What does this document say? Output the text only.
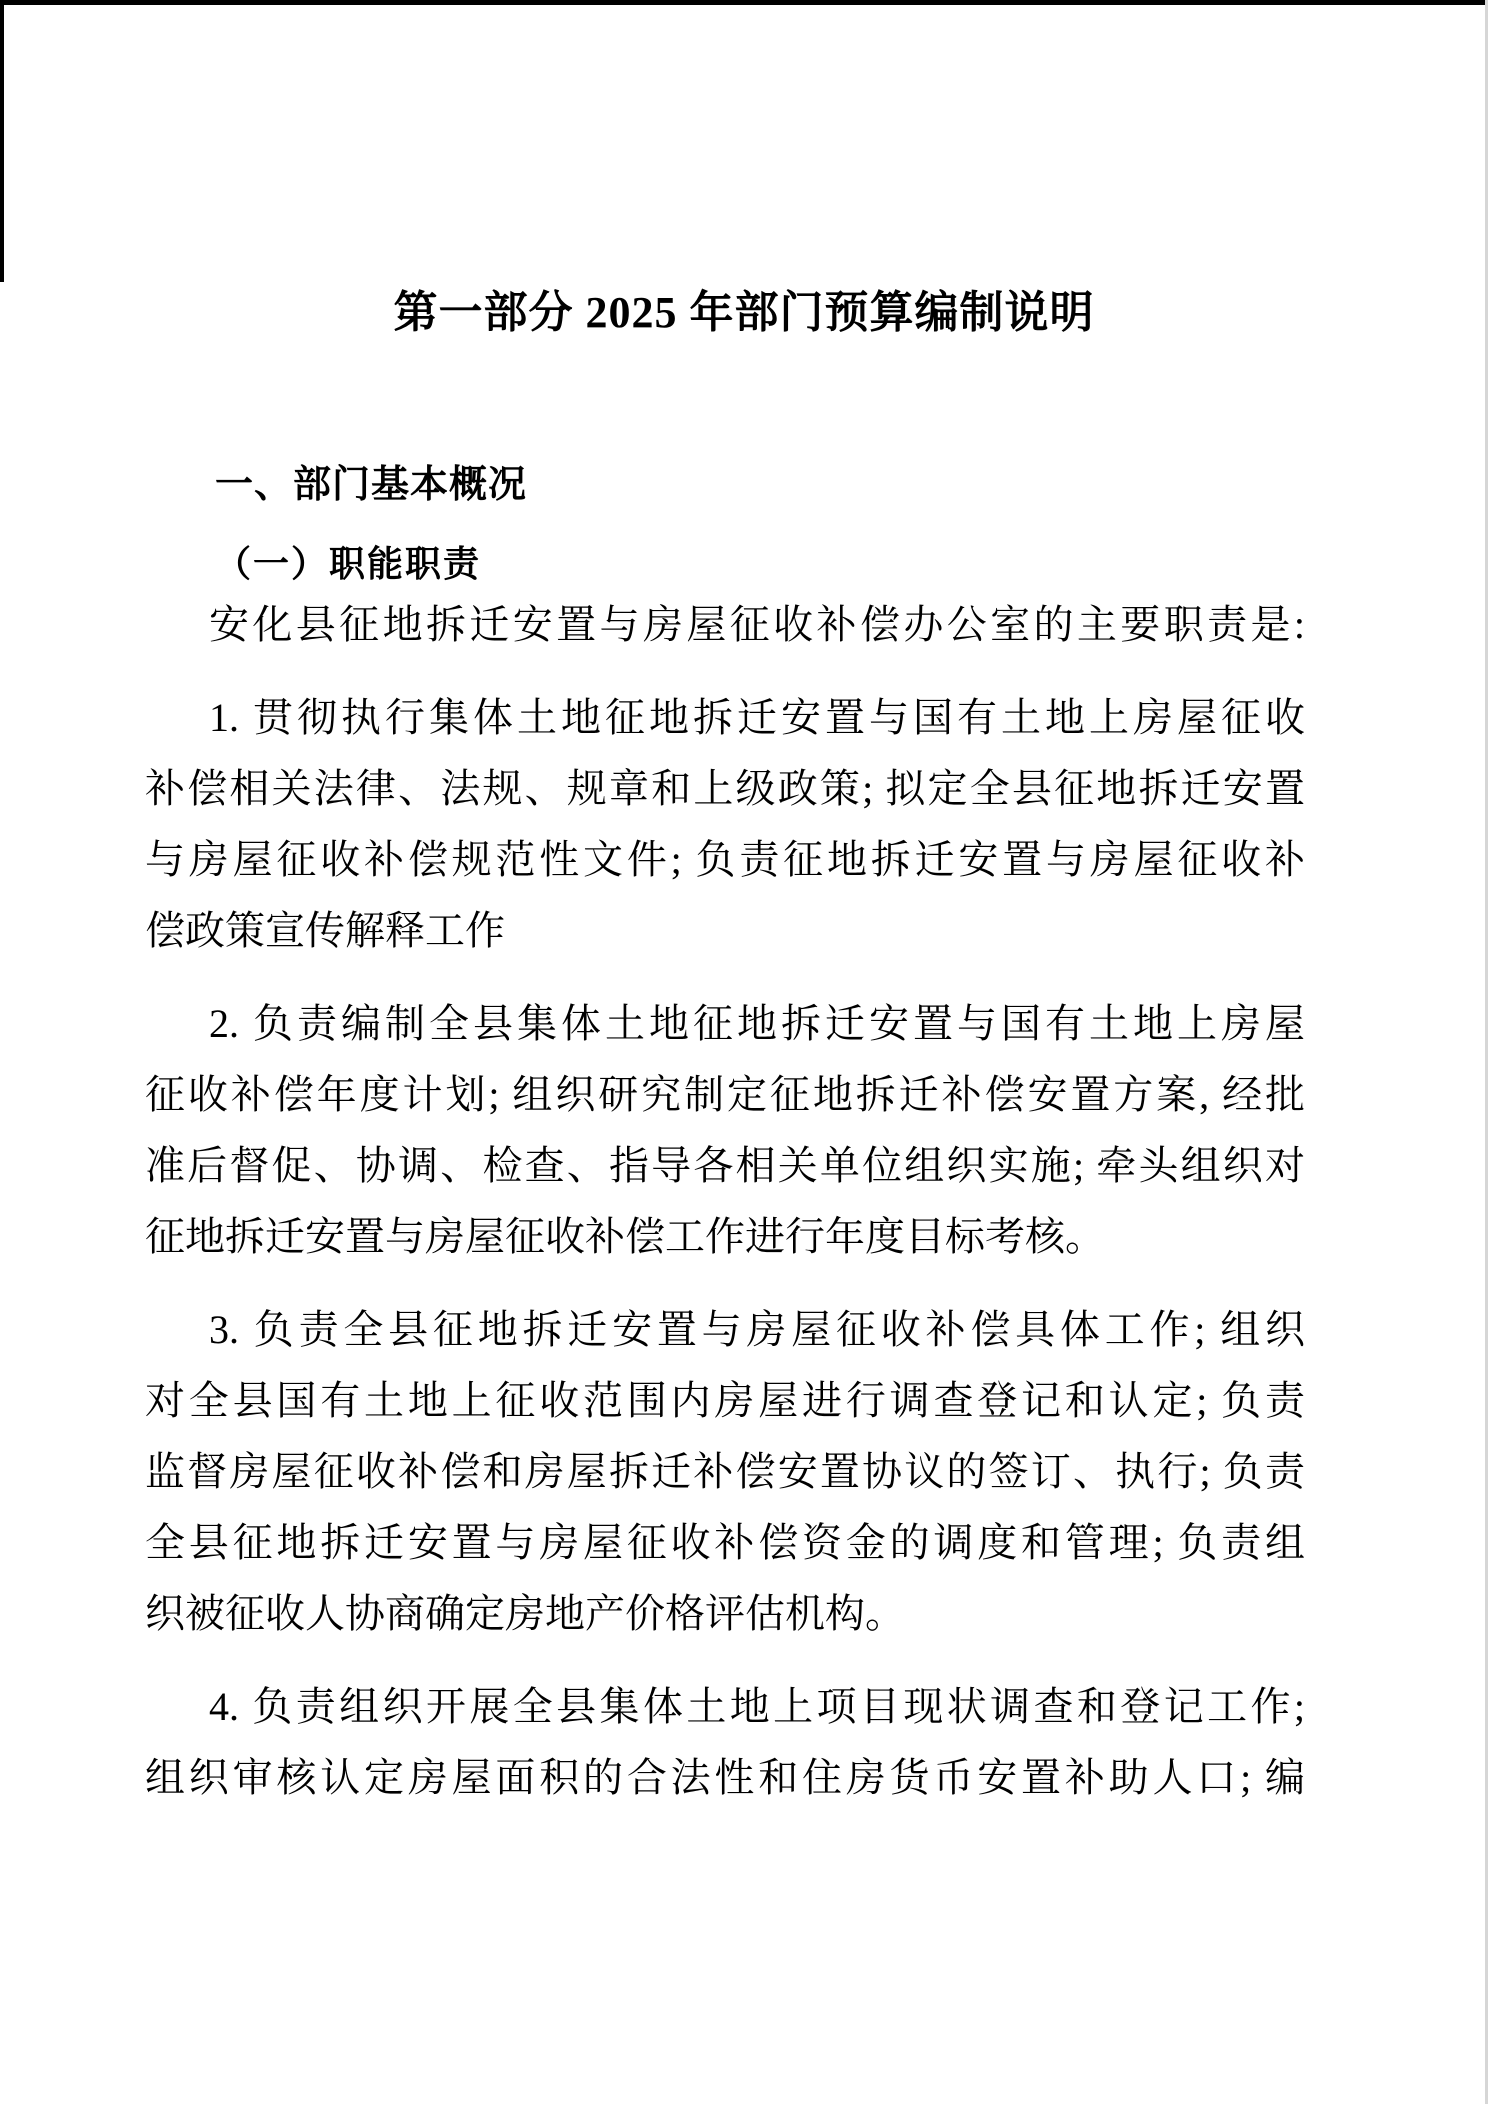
第一部分 2025 年部门预算编制说明
一、部门基本概况
（一）职能职责
安化县征地拆迁安置与房屋征收补偿办公室的主要职责是:
1. 贯彻执行集体土地征地拆迁安置与国有土地上房屋征收
补偿相关法律、法规、规章和上级政策; 拟定全县征地拆迁安置
与房屋征收补偿规范性文件; 负责征地拆迁安置与房屋征收补
偿政策宣传解释工作
2. 负责编制全县集体土地征地拆迁安置与国有土地上房屋
征收补偿年度计划; 组织研究制定征地拆迁补偿安置方案, 经批
准后督促、协调、检查、指导各相关单位组织实施; 牵头组织对
征地拆迁安置与房屋征收补偿工作进行年度目标考核。
3. 负责全县征地拆迁安置与房屋征收补偿具体工作; 组织
对全县国有土地上征收范围内房屋进行调查登记和认定; 负责
监督房屋征收补偿和房屋拆迁补偿安置协议的签订、执行; 负责
全县征地拆迁安置与房屋征收补偿资金的调度和管理; 负责组
织被征收人协商确定房地产价格评估机构。
4. 负责组织开展全县集体土地上项目现状调查和登记工作;
组织审核认定房屋面积的合法性和住房货币安置补助人口; 编
